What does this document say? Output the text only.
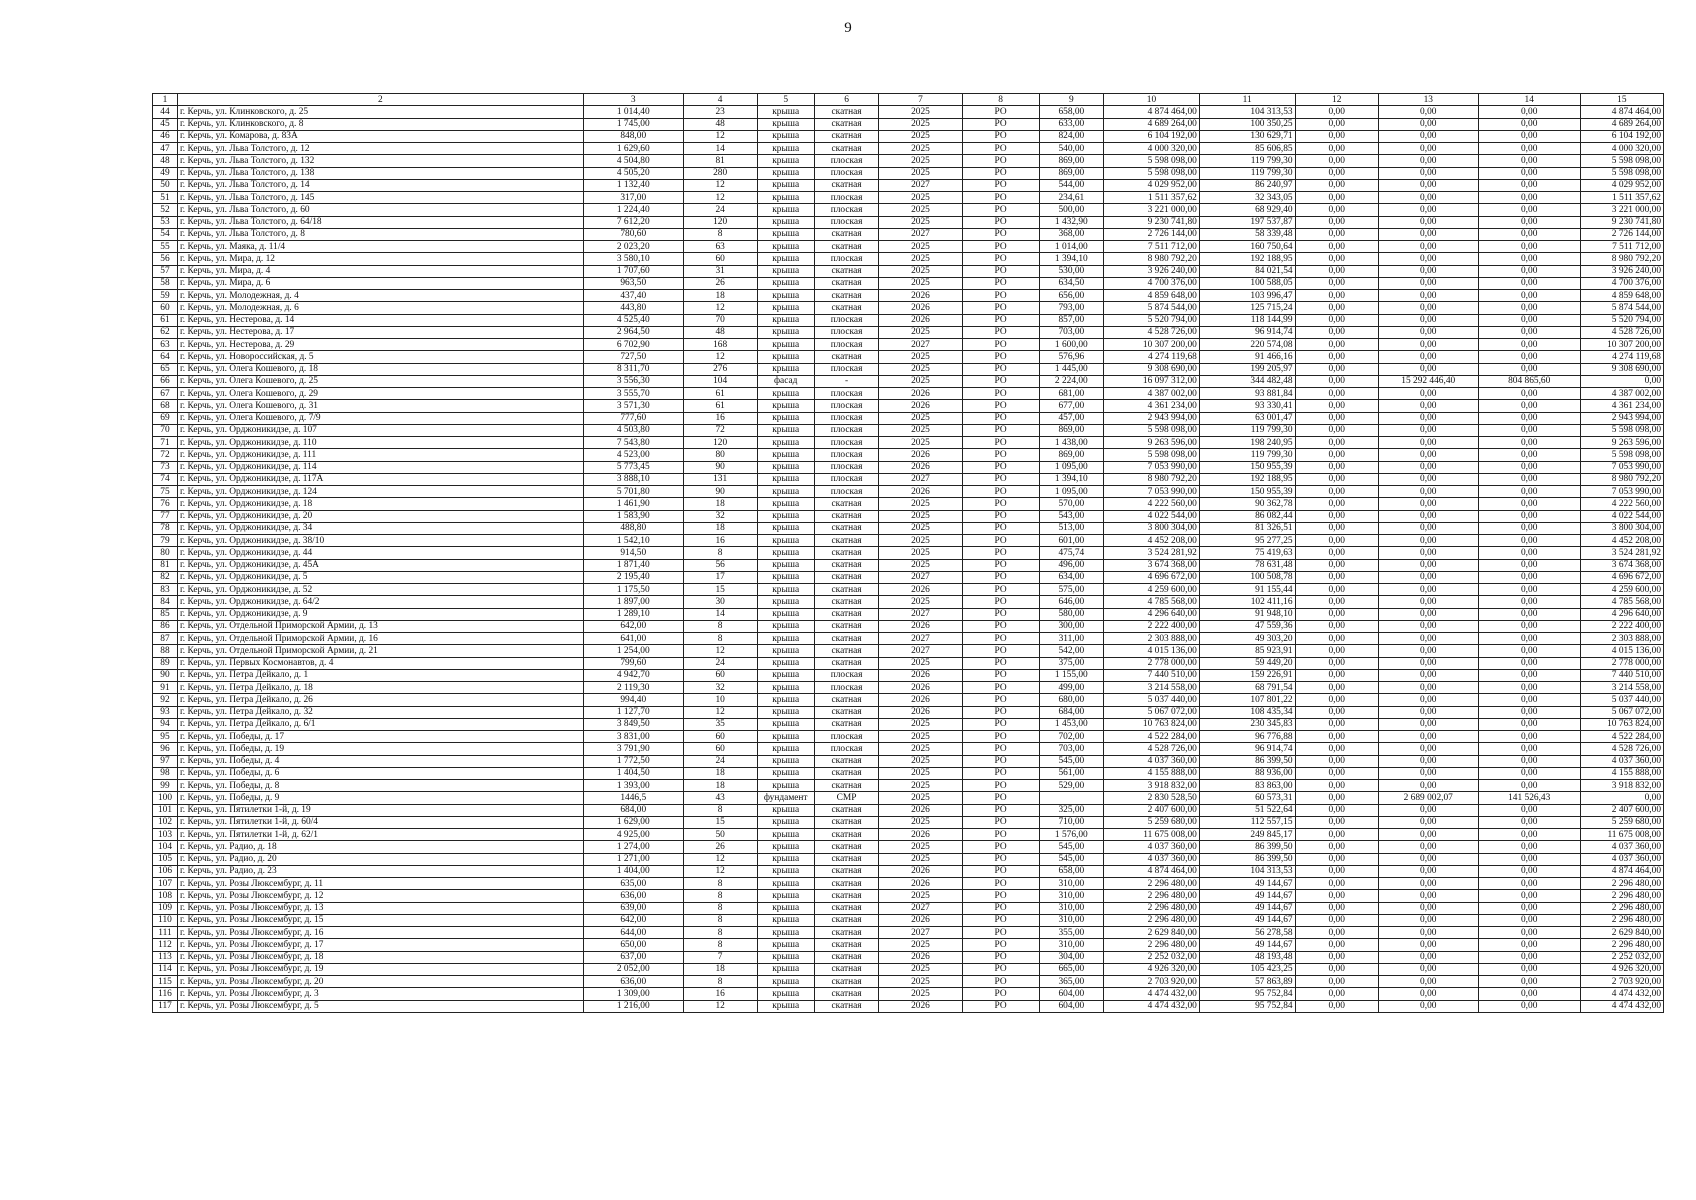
9
1	2	3	4	5	6	7	8	9	10	11	12	13	14	15
44	г. Керчь, ул. Клинковского, д. 25	1 014,40	23	крыша	скатная	2025	РО	658,00	4 874 464,00	104 313,53	0,00	0,00	0,00	4 874 464,00
45	г. Керчь, ул. Клинковского, д. 8	1 745,00	48	крыша	скатная	2025	РО	633,00	4 689 264,00	100 350,25	0,00	0,00	0,00	4 689 264,00
46	г. Керчь, ул. Комарова, д. 83А	848,00	12	крыша	скатная	2025	РО	824,00	6 104 192,00	130 629,71	0,00	0,00	0,00	6 104 192,00
47	г. Керчь, ул. Льва Толстого, д. 12	1 629,60	14	крыша	скатная	2025	РО	540,00	4 000 320,00	85 606,85	0,00	0,00	0,00	4 000 320,00
48	г. Керчь, ул. Льва Толстого, д. 132	4 504,80	81	крыша	плоская	2025	РО	869,00	5 598 098,00	119 799,30	0,00	0,00	0,00	5 598 098,00
49	г. Керчь, ул. Льва Толстого, д. 138	4 505,20	280	крыша	плоская	2025	РО	869,00	5 598 098,00	119 799,30	0,00	0,00	0,00	5 598 098,00
50	г. Керчь, ул. Льва Толстого, д. 14	1 132,40	12	крыша	скатная	2027	РО	544,00	4 029 952,00	86 240,97	0,00	0,00	0,00	4 029 952,00
51	г. Керчь, ул. Льва Толстого, д. 145	317,00	12	крыша	плоская	2025	РО	234,61	1 511 357,62	32 343,05	0,00	0,00	0,00	1 511 357,62
52	г. Керчь, ул. Льва Толстого, д. 60	1 224,40	24	крыша	плоская	2025	РО	500,00	3 221 000,00	68 929,40	0,00	0,00	0,00	3 221 000,00
53	г. Керчь, ул. Льва Толстого, д. 64/18	7 612,20	120	крыша	плоская	2025	РО	1 432,90	9 230 741,80	197 537,87	0,00	0,00	0,00	9 230 741,80
54	г. Керчь, ул. Льва Толстого, д. 8	780,60	8	крыша	скатная	2027	РО	368,00	2 726 144,00	58 339,48	0,00	0,00	0,00	2 726 144,00
55	г. Керчь, ул. Маяка, д. 11/4	2 023,20	63	крыша	скатная	2025	РО	1 014,00	7 511 712,00	160 750,64	0,00	0,00	0,00	7 511 712,00
56	г. Керчь, ул. Мира, д. 12	3 580,10	60	крыша	плоская	2025	РО	1 394,10	8 980 792,20	192 188,95	0,00	0,00	0,00	8 980 792,20
57	г. Керчь, ул. Мира, д. 4	1 707,60	31	крыша	скатная	2025	РО	530,00	3 926 240,00	84 021,54	0,00	0,00	0,00	3 926 240,00
58	г. Керчь, ул. Мира, д. 6	963,50	26	крыша	скатная	2025	РО	634,50	4 700 376,00	100 588,05	0,00	0,00	0,00	4 700 376,00
59	г. Керчь, ул. Молодежная, д. 4	437,40	18	крыша	скатная	2026	РО	656,00	4 859 648,00	103 996,47	0,00	0,00	0,00	4 859 648,00
60	г. Керчь, ул. Молодежная, д. 6	443,80	12	крыша	скатная	2026	РО	793,00	5 874 544,00	125 715,24	0,00	0,00	0,00	5 874 544,00
61	г. Керчь, ул. Нестерова, д. 14	4 525,40	70	крыша	плоская	2026	РО	857,00	5 520 794,00	118 144,99	0,00	0,00	0,00	5 520 794,00
62	г. Керчь, ул. Нестерова, д. 17	2 964,50	48	крыша	плоская	2025	РО	703,00	4 528 726,00	96 914,74	0,00	0,00	0,00	4 528 726,00
63	г. Керчь, ул. Нестерова, д. 29	6 702,90	168	крыша	плоская	2027	РО	1 600,00	10 307 200,00	220 574,08	0,00	0,00	0,00	10 307 200,00
64	г. Керчь, ул. Новороссийская, д. 5	727,50	12	крыша	скатная	2025	РО	576,96	4 274 119,68	91 466,16	0,00	0,00	0,00	4 274 119,68
65	г. Керчь, ул. Олега Кошевого, д. 18	8 311,70	276	крыша	плоская	2025	РО	1 445,00	9 308 690,00	199 205,97	0,00	0,00	0,00	9 308 690,00
66	г. Керчь, ул. Олега Кошевого, д. 25	3 556,30	104	фасад	-	2025	РО	2 224,00	16 097 312,00	344 482,48	0,00	15 292 446,40	804 865,60	0,00
67	г. Керчь, ул. Олега Кошевого, д. 29	3 555,70	61	крыша	плоская	2026	РО	681,00	4 387 002,00	93 881,84	0,00	0,00	0,00	4 387 002,00
68	г. Керчь, ул. Олега Кошевого, д. 31	3 571,30	61	крыша	плоская	2026	РО	677,00	4 361 234,00	93 330,41	0,00	0,00	0,00	4 361 234,00
69	г. Керчь, ул. Олега Кошевого, д. 7/9	777,60	16	крыша	плоская	2025	РО	457,00	2 943 994,00	63 001,47	0,00	0,00	0,00	2 943 994,00
70	г. Керчь, ул. Орджоникидзе, д. 107	4 503,80	72	крыша	плоская	2025	РО	869,00	5 598 098,00	119 799,30	0,00	0,00	0,00	5 598 098,00
71	г. Керчь, ул. Орджоникидзе, д. 110	7 543,80	120	крыша	плоская	2025	РО	1 438,00	9 263 596,00	198 240,95	0,00	0,00	0,00	9 263 596,00
72	г. Керчь, ул. Орджоникидзе, д. 111	4 523,00	80	крыша	плоская	2026	РО	869,00	5 598 098,00	119 799,30	0,00	0,00	0,00	5 598 098,00
73	г. Керчь, ул. Орджоникидзе, д. 114	5 773,45	90	крыша	плоская	2026	РО	1 095,00	7 053 990,00	150 955,39	0,00	0,00	0,00	7 053 990,00
74	г. Керчь, ул. Орджоникидзе, д. 117А	3 888,10	131	крыша	плоская	2027	РО	1 394,10	8 980 792,20	192 188,95	0,00	0,00	0,00	8 980 792,20
75	г. Керчь, ул. Орджоникидзе, д. 124	5 701,80	90	крыша	плоская	2026	РО	1 095,00	7 053 990,00	150 955,39	0,00	0,00	0,00	7 053 990,00
76	г. Керчь, ул. Орджоникидзе, д. 18	1 461,90	18	крыша	скатная	2025	РО	570,00	4 222 560,00	90 362,78	0,00	0,00	0,00	4 222 560,00
77	г. Керчь, ул. Орджоникидзе, д. 20	1 583,90	32	крыша	скатная	2025	РО	543,00	4 022 544,00	86 082,44	0,00	0,00	0,00	4 022 544,00
78	г. Керчь, ул. Орджоникидзе, д. 34	488,80	18	крыша	скатная	2025	РО	513,00	3 800 304,00	81 326,51	0,00	0,00	0,00	3 800 304,00
79	г. Керчь, ул. Орджоникидзе, д. 38/10	1 542,10	16	крыша	скатная	2025	РО	601,00	4 452 208,00	95 277,25	0,00	0,00	0,00	4 452 208,00
80	г. Керчь, ул. Орджоникидзе, д. 44	914,50	8	крыша	скатная	2025	РО	475,74	3 524 281,92	75 419,63	0,00	0,00	0,00	3 524 281,92
81	г. Керчь, ул. Орджоникидзе, д. 45А	1 871,40	56	крыша	скатная	2025	РО	496,00	3 674 368,00	78 631,48	0,00	0,00	0,00	3 674 368,00
82	г. Керчь, ул. Орджоникидзе, д. 5	2 195,40	17	крыша	скатная	2027	РО	634,00	4 696 672,00	100 508,78	0,00	0,00	0,00	4 696 672,00
83	г. Керчь, ул. Орджоникидзе, д. 52	1 175,50	15	крыша	скатная	2026	РО	575,00	4 259 600,00	91 155,44	0,00	0,00	0,00	4 259 600,00
84	г. Керчь, ул. Орджоникидзе, д. 64/2	1 897,00	30	крыша	скатная	2025	РО	646,00	4 785 568,00	102 411,16	0,00	0,00	0,00	4 785 568,00
85	г. Керчь, ул. Орджоникидзе, д. 9	1 289,10	14	крыша	скатная	2027	РО	580,00	4 296 640,00	91 948,10	0,00	0,00	0,00	4 296 640,00
86	г. Керчь, ул. Отдельной Приморской Армии, д. 13	642,00	8	крыша	скатная	2026	РО	300,00	2 222 400,00	47 559,36	0,00	0,00	0,00	2 222 400,00
87	г. Керчь, ул. Отдельной Приморской Армии, д. 16	641,00	8	крыша	скатная	2027	РО	311,00	2 303 888,00	49 303,20	0,00	0,00	0,00	2 303 888,00
88	г. Керчь, ул. Отдельной Приморской Армии, д. 21	1 254,00	12	крыша	скатная	2027	РО	542,00	4 015 136,00	85 923,91	0,00	0,00	0,00	4 015 136,00
89	г. Керчь, ул. Первых Космонавтов, д. 4	799,60	24	крыша	скатная	2025	РО	375,00	2 778 000,00	59 449,20	0,00	0,00	0,00	2 778 000,00
90	г. Керчь, ул. Петра Дейкало, д. 1	4 942,70	60	крыша	плоская	2026	РО	1 155,00	7 440 510,00	159 226,91	0,00	0,00	0,00	7 440 510,00
91	г. Керчь, ул. Петра Дейкало, д. 18	2 119,30	32	крыша	плоская	2026	РО	499,00	3 214 558,00	68 791,54	0,00	0,00	0,00	3 214 558,00
92	г. Керчь, ул. Петра Дейкало, д. 26	994,40	10	крыша	скатная	2026	РО	680,00	5 037 440,00	107 801,22	0,00	0,00	0,00	5 037 440,00
93	г. Керчь, ул. Петра Дейкало, д. 32	1 127,70	12	крыша	скатная	2026	РО	684,00	5 067 072,00	108 435,34	0,00	0,00	0,00	5 067 072,00
94	г. Керчь, ул. Петра Дейкало, д. 6/1	3 849,50	35	крыша	скатная	2025	РО	1 453,00	10 763 824,00	230 345,83	0,00	0,00	0,00	10 763 824,00
95	г. Керчь, ул. Победы, д. 17	3 831,00	60	крыша	плоская	2025	РО	702,00	4 522 284,00	96 776,88	0,00	0,00	0,00	4 522 284,00
96	г. Керчь, ул. Победы, д. 19	3 791,90	60	крыша	плоская	2025	РО	703,00	4 528 726,00	96 914,74	0,00	0,00	0,00	4 528 726,00
97	г. Керчь, ул. Победы, д. 4	1 772,50	24	крыша	скатная	2025	РО	545,00	4 037 360,00	86 399,50	0,00	0,00	0,00	4 037 360,00
98	г. Керчь, ул. Победы, д. 6	1 404,50	18	крыша	скатная	2025	РО	561,00	4 155 888,00	88 936,00	0,00	0,00	0,00	4 155 888,00
99	г. Керчь, ул. Победы, д. 8	1 393,00	18	крыша	скатная	2025	РО	529,00	3 918 832,00	83 863,00	0,00	0,00	0,00	3 918 832,00
100	г. Керчь, ул. Победы, д. 9	1446,5	43	фундамент	СМР	2025	РО		2 830 528,50	60 573,31	0,00	2 689 002,07	141 526,43	0,00
101	г. Керчь, ул. Пятилетки 1-й, д. 19	684,00	8	крыша	скатная	2026	РО	325,00	2 407 600,00	51 522,64	0,00	0,00	0,00	2 407 600,00
102	г. Керчь, ул. Пятилетки 1-й, д. 60/4	1 629,00	15	крыша	скатная	2025	РО	710,00	5 259 680,00	112 557,15	0,00	0,00	0,00	5 259 680,00
103	г. Керчь, ул. Пятилетки 1-й, д. 62/1	4 925,00	50	крыша	скатная	2026	РО	1 576,00	11 675 008,00	249 845,17	0,00	0,00	0,00	11 675 008,00
104	г. Керчь, ул. Радио, д. 18	1 274,00	26	крыша	скатная	2025	РО	545,00	4 037 360,00	86 399,50	0,00	0,00	0,00	4 037 360,00
105	г. Керчь, ул. Радио, д. 20	1 271,00	12	крыша	скатная	2025	РО	545,00	4 037 360,00	86 399,50	0,00	0,00	0,00	4 037 360,00
106	г. Керчь, ул. Радио, д. 23	1 404,00	12	крыша	скатная	2026	РО	658,00	4 874 464,00	104 313,53	0,00	0,00	0,00	4 874 464,00
107	г. Керчь, ул. Розы Люксембург, д. 11	635,00	8	крыша	скатная	2026	РО	310,00	2 296 480,00	49 144,67	0,00	0,00	0,00	2 296 480,00
108	г. Керчь, ул. Розы Люксембург, д. 12	636,00	8	крыша	скатная	2025	РО	310,00	2 296 480,00	49 144,67	0,00	0,00	0,00	2 296 480,00
109	г. Керчь, ул. Розы Люксембург, д. 13	639,00	8	крыша	скатная	2027	РО	310,00	2 296 480,00	49 144,67	0,00	0,00	0,00	2 296 480,00
110	г. Керчь, ул. Розы Люксембург, д. 15	642,00	8	крыша	скатная	2026	РО	310,00	2 296 480,00	49 144,67	0,00	0,00	0,00	2 296 480,00
111	г. Керчь, ул. Розы Люксембург, д. 16	644,00	8	крыша	скатная	2027	РО	355,00	2 629 840,00	56 278,58	0,00	0,00	0,00	2 629 840,00
112	г. Керчь, ул. Розы Люксембург, д. 17	650,00	8	крыша	скатная	2025	РО	310,00	2 296 480,00	49 144,67	0,00	0,00	0,00	2 296 480,00
113	г. Керчь, ул. Розы Люксембург, д. 18	637,00	7	крыша	скатная	2026	РО	304,00	2 252 032,00	48 193,48	0,00	0,00	0,00	2 252 032,00
114	г. Керчь, ул. Розы Люксембург, д. 19	2 052,00	18	крыша	скатная	2025	РО	665,00	4 926 320,00	105 423,25	0,00	0,00	0,00	4 926 320,00
115	г. Керчь, ул. Розы Люксембург, д. 20	636,00	8	крыша	скатная	2025	РО	365,00	2 703 920,00	57 863,89	0,00	0,00	0,00	2 703 920,00
116	г. Керчь, ул. Розы Люксембург, д. 3	1 309,00	16	крыша	скатная	2025	РО	604,00	4 474 432,00	95 752,84	0,00	0,00	0,00	4 474 432,00
117	г. Керчь, ул. Розы Люксембург, д. 5	1 216,00	12	крыша	скатная	2026	РО	604,00	4 474 432,00	95 752,84	0,00	0,00	0,00	4 474 432,00
